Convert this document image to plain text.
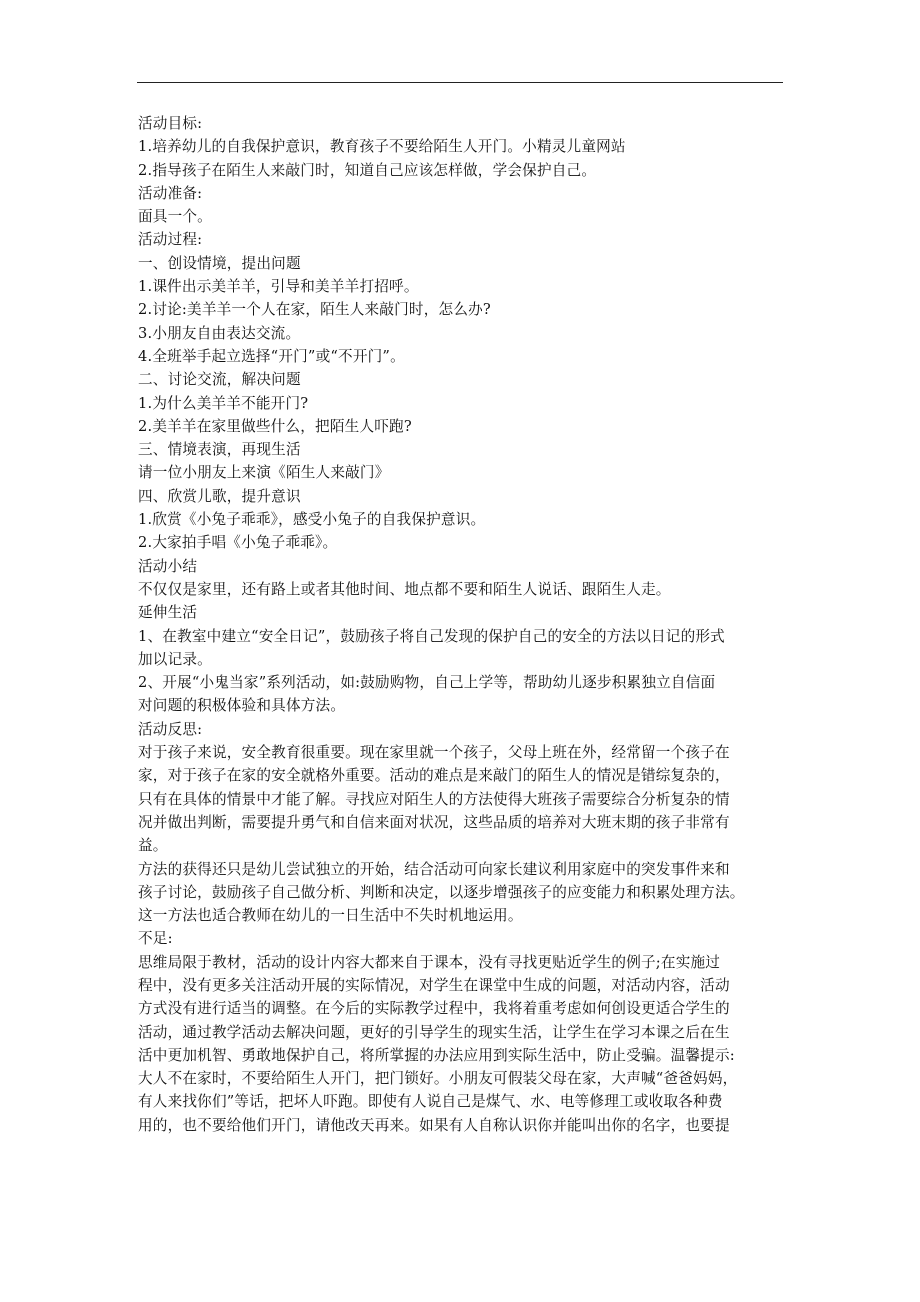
活动目标:
1.培养幼儿的自我保护意识，教育孩子不要给陌生人开门。小精灵儿童网站
2.指导孩子在陌生人来敲门时，知道自己应该怎样做，学会保护自己。
活动准备:
面具一个。
活动过程:
一、创设情境，提出问题
1.课件出示美羊羊，引导和美羊羊打招呼。
2.讨论:美羊羊一个人在家，陌生人来敲门时，怎么办?
3.小朋友自由表达交流。
4.全班举手起立选择“开门”或“不开门”。
二、讨论交流，解决问题
1.为什么美羊羊不能开门?
2.美羊羊在家里做些什么，把陌生人吓跑?
三、情境表演，再现生活
请一位小朋友上来演《陌生人来敲门》
四、欣赏儿歌，提升意识
1.欣赏《小兔子乖乖》，感受小兔子的自我保护意识。
2.大家拍手唱《小兔子乖乖》。
活动小结
不仅仅是家里，还有路上或者其他时间、地点都不要和陌生人说话、跟陌生人走。
延伸生活
1、在教室中建立“安全日记”，鼓励孩子将自己发现的保护自己的安全的方法以日记的形式
加以记录。
2、开展“小鬼当家”系列活动，如:鼓励购物，自己上学等，帮助幼儿逐步积累独立自信面
对问题的积极体验和具体方法。
活动反思:
对于孩子来说，安全教育很重要。现在家里就一个孩子，父母上班在外，经常留一个孩子在
家，对于孩子在家的安全就格外重要。活动的难点是来敲门的陌生人的情况是错综复杂的，
只有在具体的情景中才能了解。寻找应对陌生人的方法使得大班孩子需要综合分析复杂的情
况并做出判断，需要提升勇气和自信来面对状况，这些品质的培养对大班末期的孩子非常有
益。
方法的获得还只是幼儿尝试独立的开始，结合活动可向家长建议利用家庭中的突发事件来和
孩子讨论，鼓励孩子自己做分析、判断和决定，以逐步增强孩子的应变能力和积累处理方法。
这一方法也适合教师在幼儿的一日生活中不失时机地运用。
不足:
思维局限于教材，活动的设计内容大都来自于课本，没有寻找更贴近学生的例子;在实施过
程中，没有更多关注活动开展的实际情况，对学生在课堂中生成的问题，对活动内容，活动
方式没有进行适当的调整。在今后的实际教学过程中，我将着重考虑如何创设更适合学生的
活动，通过教学活动去解决问题，更好的引导学生的现实生活，让学生在学习本课之后在生
活中更加机智、勇敢地保护自己，将所掌握的办法应用到实际生活中，防止受骗。温馨提示:
大人不在家时，不要给陌生人开门，把门锁好。小朋友可假装父母在家，大声喊“爸爸妈妈，
有人来找你们”等话，把坏人吓跑。即使有人说自己是煤气、水、电等修理工或收取各种费
用的，也不要给他们开门，请他改天再来。如果有人自称认识你并能叫出你的名字，也要提
